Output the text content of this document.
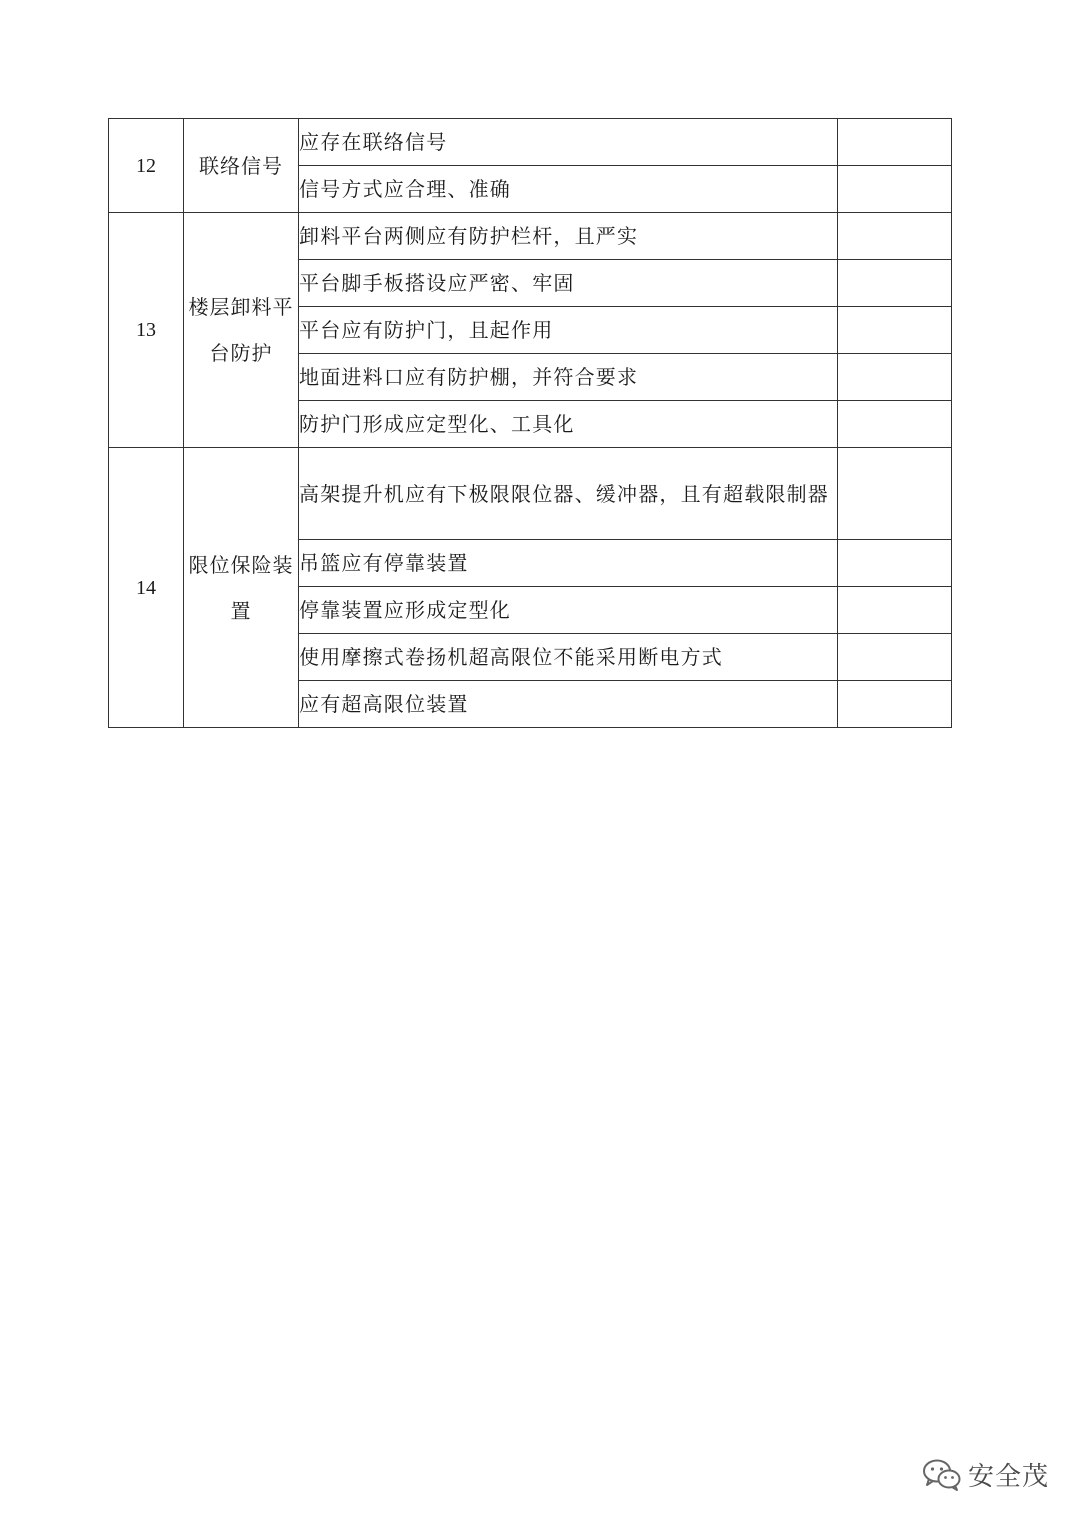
12	联络信号	应存在联络信号	
		信号方式应合理、准确	
13	楼层卸料平台防护	卸料平台两侧应有防护栏杆，且严实	
		平台脚手板搭设应严密、牢固	
		平台应有防护门，且起作用	
		地面进料口应有防护棚，并符合要求	
		防护门形成应定型化、工具化	
14	限位保险装置	高架提升机应有下极限限位器、缓冲器，且有超载限制器	
		吊篮应有停靠装置	
		停靠装置应形成定型化	
		使用摩擦式卷扬机超高限位不能采用断电方式	
		应有超高限位装置	
安全茂
